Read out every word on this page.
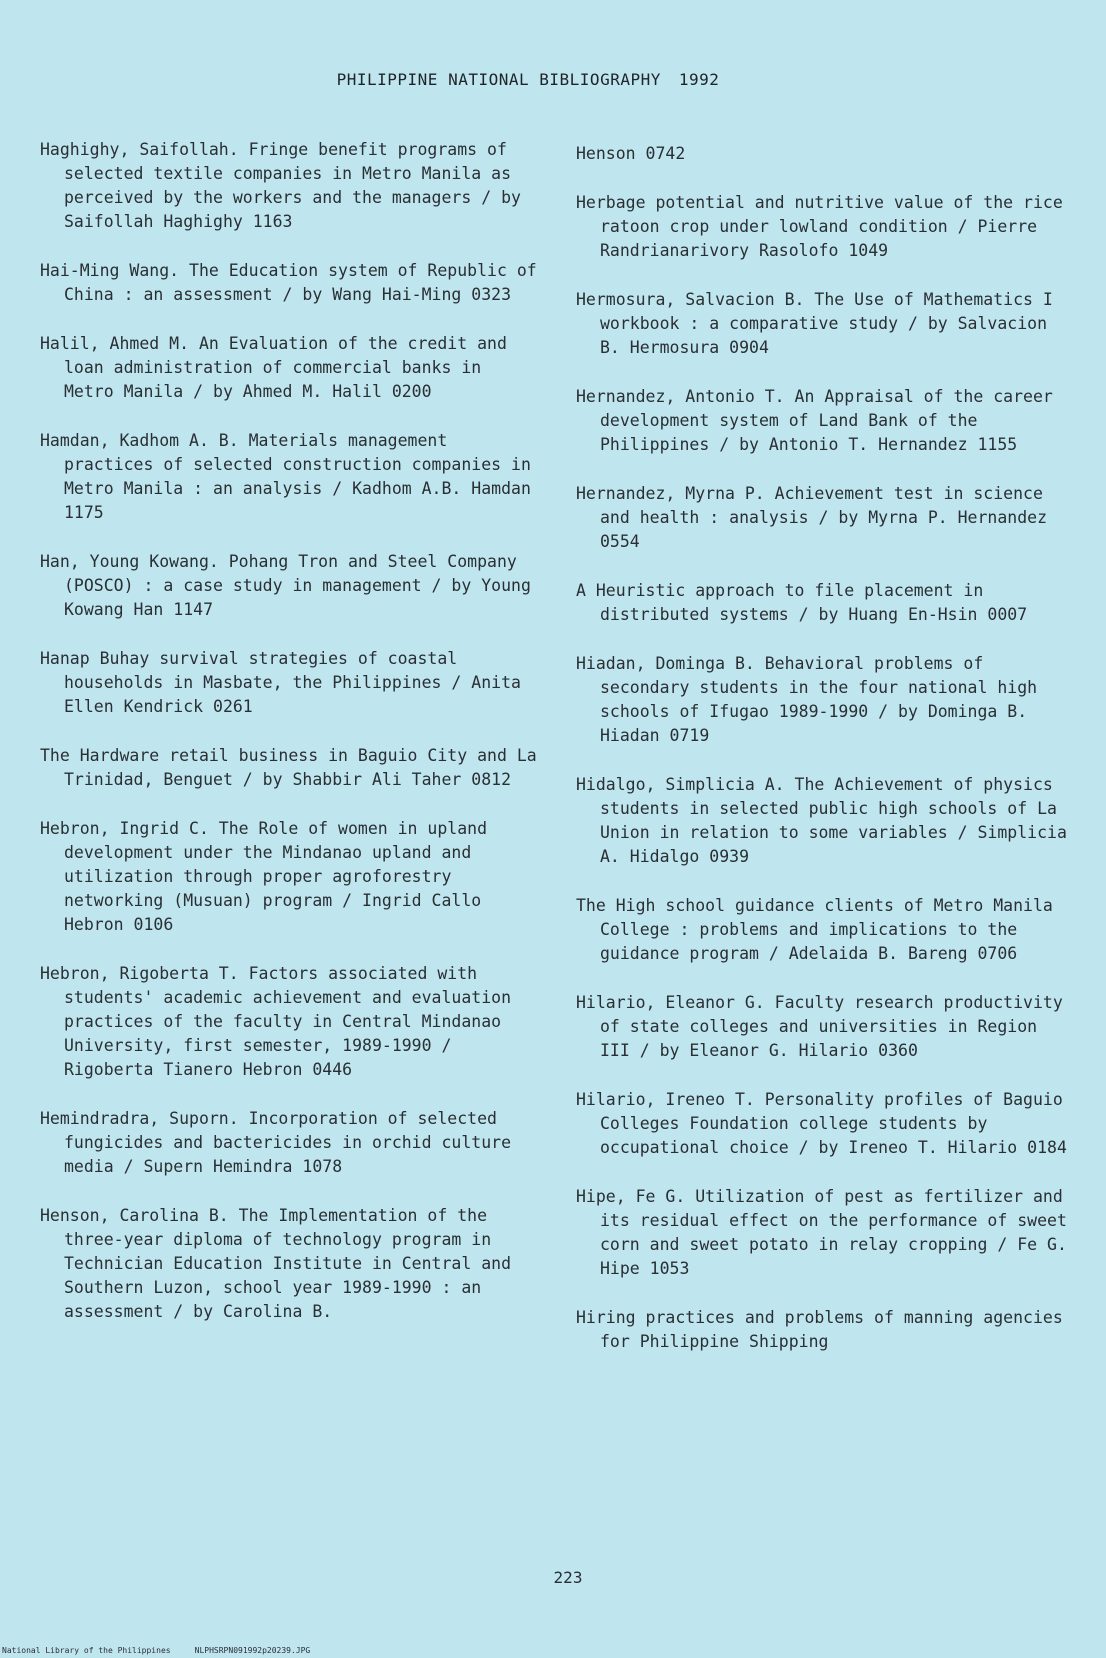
PHILIPPINE NATIONAL BIBLIOGRAPHY 1992
Haghighy, Saifollah. Fringe benefit programs of selected textile companies in Metro Manila as perceived by the workers and the managers / by Saifollah Haghighy 1163
Hai-Ming Wang. The Education system of Republic of China : an assessment / by Wang Hai-Ming 0323
Halil, Ahmed M. An Evaluation of the credit and loan administration of commercial banks in Metro Manila / by Ahmed M. Halil 0200
Hamdan, Kadhom A. B. Materials management practices of selected construction companies in Metro Manila : an analysis / Kadhom A.B. Hamdan 1175
Han, Young Kowang. Pohang Tron and Steel Company (POSCO) : a case study in management / by Young Kowang Han 1147
Hanap Buhay survival strategies of coastal households in Masbate, the Philippines / Anita Ellen Kendrick 0261
The Hardware retail business in Baguio City and La Trinidad, Benguet / by Shabbir Ali Taher 0812
Hebron, Ingrid C. The Role of women in upland development under the Mindanao upland and utilization through proper agroforestry networking (Musuan) program / Ingrid Callo Hebron 0106
Hebron, Rigoberta T. Factors associated with students' academic achievement and evaluation practices of the faculty in Central Mindanao University, first semester, 1989-1990 / Rigoberta Tianero Hebron 0446
Hemindradra, Suporn. Incorporation of selected fungicides and bactericides in orchid culture media / Supern Hemindra 1078
Henson, Carolina B. The Implementation of the three-year diploma of technology program in Technician Education Institute in Central and Southern Luzon, school year 1989-1990 : an assessment / by Carolina B.
Henson 0742
Herbage potential and nutritive value of the rice ratoon crop under lowland condition / Pierre Randrianarivory Rasolofo 1049
Hermosura, Salvacion B. The Use of Mathematics I workbook : a comparative study / by Salvacion B. Hermosura 0904
Hernandez, Antonio T. An Appraisal of the career development system of Land Bank of the Philippines / by Antonio T. Hernandez 1155
Hernandez, Myrna P. Achievement test in science and health : analysis / by Myrna P. Hernandez 0554
A Heuristic approach to file placement in distributed systems / by Huang En-Hsin 0007
Hiadan, Dominga B. Behavioral problems of secondary students in the four national high schools of Ifugao 1989-1990 / by Dominga B. Hiadan 0719
Hidalgo, Simplicia A. The Achievement of physics students in selected public high schools of La Union in relation to some variables / Simplicia A. Hidalgo 0939
The High school guidance clients of Metro Manila College : problems and implications to the guidance program / Adelaida B. Bareng 0706
Hilario, Eleanor G. Faculty research productivity of state colleges and universities in Region III / by Eleanor G. Hilario 0360
Hilario, Ireneo T. Personality profiles of Baguio Colleges Foundation college students by occupational choice / by Ireneo T. Hilario 0184
Hipe, Fe G. Utilization of pest as fertilizer and its residual effect on the performance of sweet corn and sweet potato in relay cropping / Fe G. Hipe 1053
Hiring practices and problems of manning agencies for Philippine Shipping
223
National Library of the Philippines     NLPHSRPN091992p20239.JPG
